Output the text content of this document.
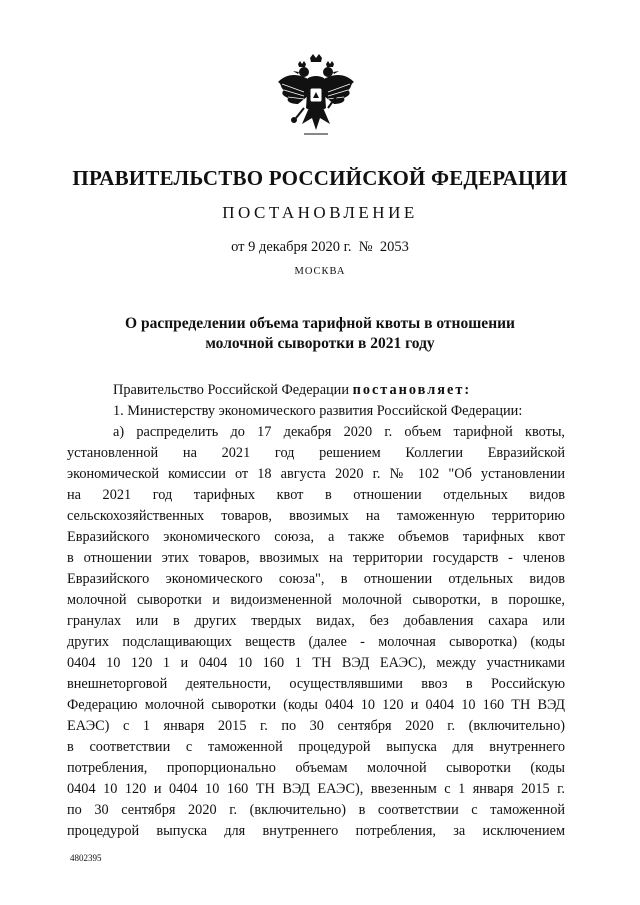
ПРАВИТЕЛЬСТВО РОССИЙСКОЙ ФЕДЕРАЦИИ
ПОСТАНОВЛЕНИЕ
от 9 декабря 2020 г.  №  2053
МОСКВА
О распределении объема тарифной квоты в отношении
молочной сыворотки в 2021 году
Правительство Российской Федерации постановляет:
1. Министерству экономического развития Российской Федерации:
а) распределить до 17 декабря 2020 г. объем тарифной квоты,
установленной на 2021 год решением Коллегии Евразийской
экономической комиссии от 18 августа 2020 г. № 102 "Об установлении
на 2021 год тарифных квот в отношении отдельных видов
сельскохозяйственных товаров, ввозимых на таможенную территорию
Евразийского экономического союза, а также объемов тарифных квот
в отношении этих товаров, ввозимых на территории государств - членов
Евразийского экономического союза", в отношении отдельных видов
молочной сыворотки и видоизмененной молочной сыворотки, в порошке,
гранулах или в других твердых видах, без добавления сахара или
других подслащивающих веществ (далее - молочная сыворотка) (коды
0404 10 120 1 и 0404 10 160 1 ТН ВЭД ЕАЭС), между участниками
внешнеторговой деятельности, осуществлявшими ввоз в Российскую
Федерацию молочной сыворотки (коды 0404 10 120 и 0404 10 160 ТН ВЭД
ЕАЭС) с 1 января 2015 г. по 30 сентября 2020 г. (включительно)
в соответствии с таможенной процедурой выпуска для внутреннего
потребления, пропорционально объемам молочной сыворотки (коды
0404 10 120 и 0404 10 160 ТН ВЭД ЕАЭС), ввезенным с 1 января 2015 г.
по 30 сентября 2020 г. (включительно) в соответствии с таможенной
процедурой выпуска для внутреннего потребления, за исключением
4802395
